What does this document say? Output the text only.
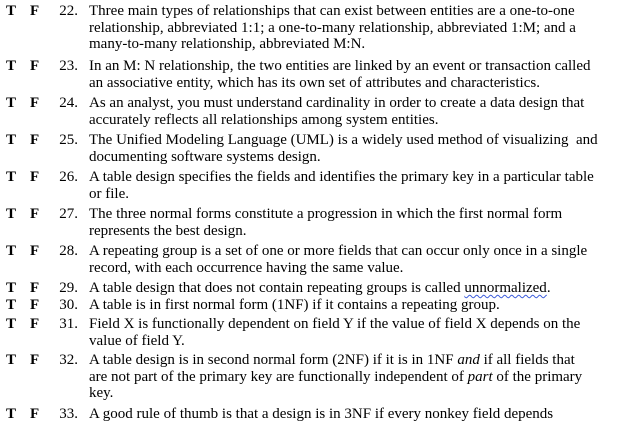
T F	22. Three main types of relationships that can exist between entities are a one-to-one
relationship, abbreviated 1:1; a one-to-many relationship, abbreviated 1:M; and a
many-to-many relationship, abbreviated M:N.
T F	23. In an M: N relationship, the two entities are linked by an event or transaction called
an associative entity, which has its own set of attributes and characteristics.
T F	24. As an analyst, you must understand cardinality in order to create a data design that
accurately reflects all relationships among system entities.
T F	25. The Unified Modeling Language (UML) is a widely used method of visualizing  and
documenting software systems design.
T F	26. A table design specifies the fields and identifies the primary key in a particular table
or file.
T F	27. The three normal forms constitute a progression in which the first normal form
represents the best design.
T F	28. A repeating group is a set of one or more fields that can occur only once in a single
record, with each occurrence having the same value.
T F	29. A table design that does not contain repeating groups is called unnormalized.
T F	30. A table is in first normal form (1NF) if it contains a repeating group.
T F	31. Field X is functionally dependent on field Y if the value of field X depends on the
value of field Y.
T F	32. A table design is in second normal form (2NF) if it is in 1NF and if all fields that
are not part of the primary key are functionally independent of part of the primary
key.
T F	33. A good rule of thumb is that a design is in 3NF if every nonkey field depends
